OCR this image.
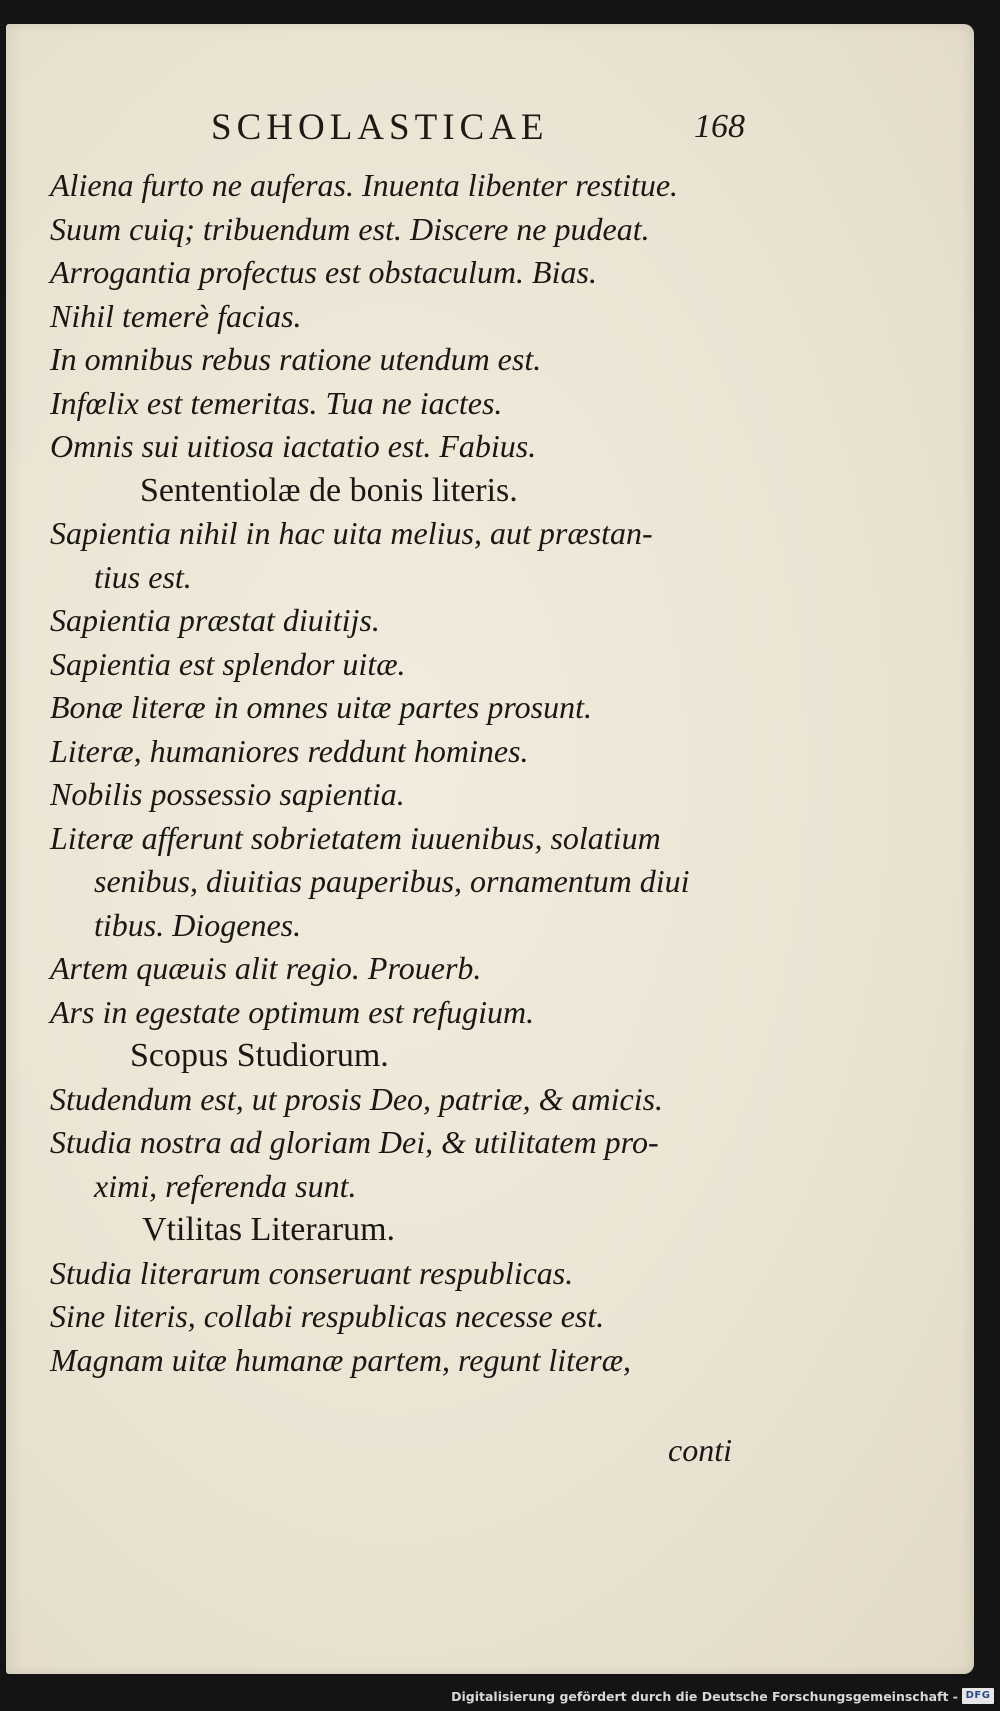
SCHOLASTICAE	168
Aliena furto ne auferas. Inuenta libenter restitue.
Suum cuiq; tribuendum est. Discere ne pudeat.
Arrogantia profectus est obstaculum. Bias.
Nihil temerè facias.
In omnibus rebus ratione utendum est.
Infœlix est temeritas. Tua ne iactes.
Omnis sui uitiosa iactatio est. Fabius.
Sententiolæ de bonis literis.
Sapientia nihil in hac uita melius, aut præstan-
tius est.
Sapientia præstat diuitijs.
Sapientia est splendor uitæ.
Bonæ literæ in omnes uitæ partes prosunt.
Literæ, humaniores reddunt homines.
Nobilis possessio sapientia.
Literæ afferunt sobrietatem iuuenibus, solatium
senibus, diuitias pauperibus, ornamentum diui
tibus. Diogenes.
Artem quæuis alit regio. Prouerb.
Ars in egestate optimum est refugium.
Scopus Studiorum.
Studendum est, ut prosis Deo, patriæ, & amicis.
Studia nostra ad gloriam Dei, & utilitatem pro-
ximi, referenda sunt.
Vtilitas Literarum.
Studia literarum conseruant respublicas.
Sine literis, collabi respublicas necesse est.
Magnam uitæ humanæ partem, regunt literæ,
conti
Digitalisierung gefördert durch die Deutsche Forschungsgemeinschaft - DFG
